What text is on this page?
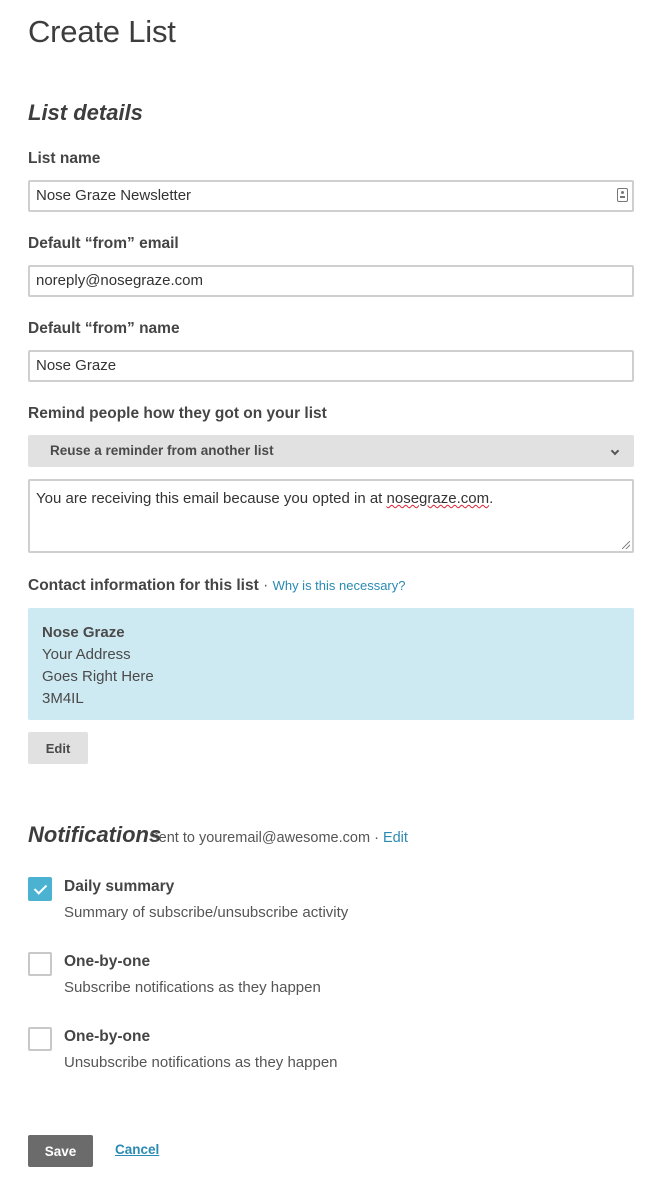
Create List
List details
List name
Nose Graze Newsletter
Default “from” email
noreply@nosegraze.com
Default “from” name
Nose Graze
Remind people how they got on your list
Reuse a reminder from another list
You are receiving this email because you opted in at nosegraze.com.
Contact information for this list · Why is this necessary?
Nose Graze
Your Address
Goes Right Here
3M4IL
Edit
Notifications
Sent to youremail@awesome.com · Edit
Daily summary
Summary of subscribe/unsubscribe activity
One-by-one
Subscribe notifications as they happen
One-by-one
Unsubscribe notifications as they happen
Save	Cancel
